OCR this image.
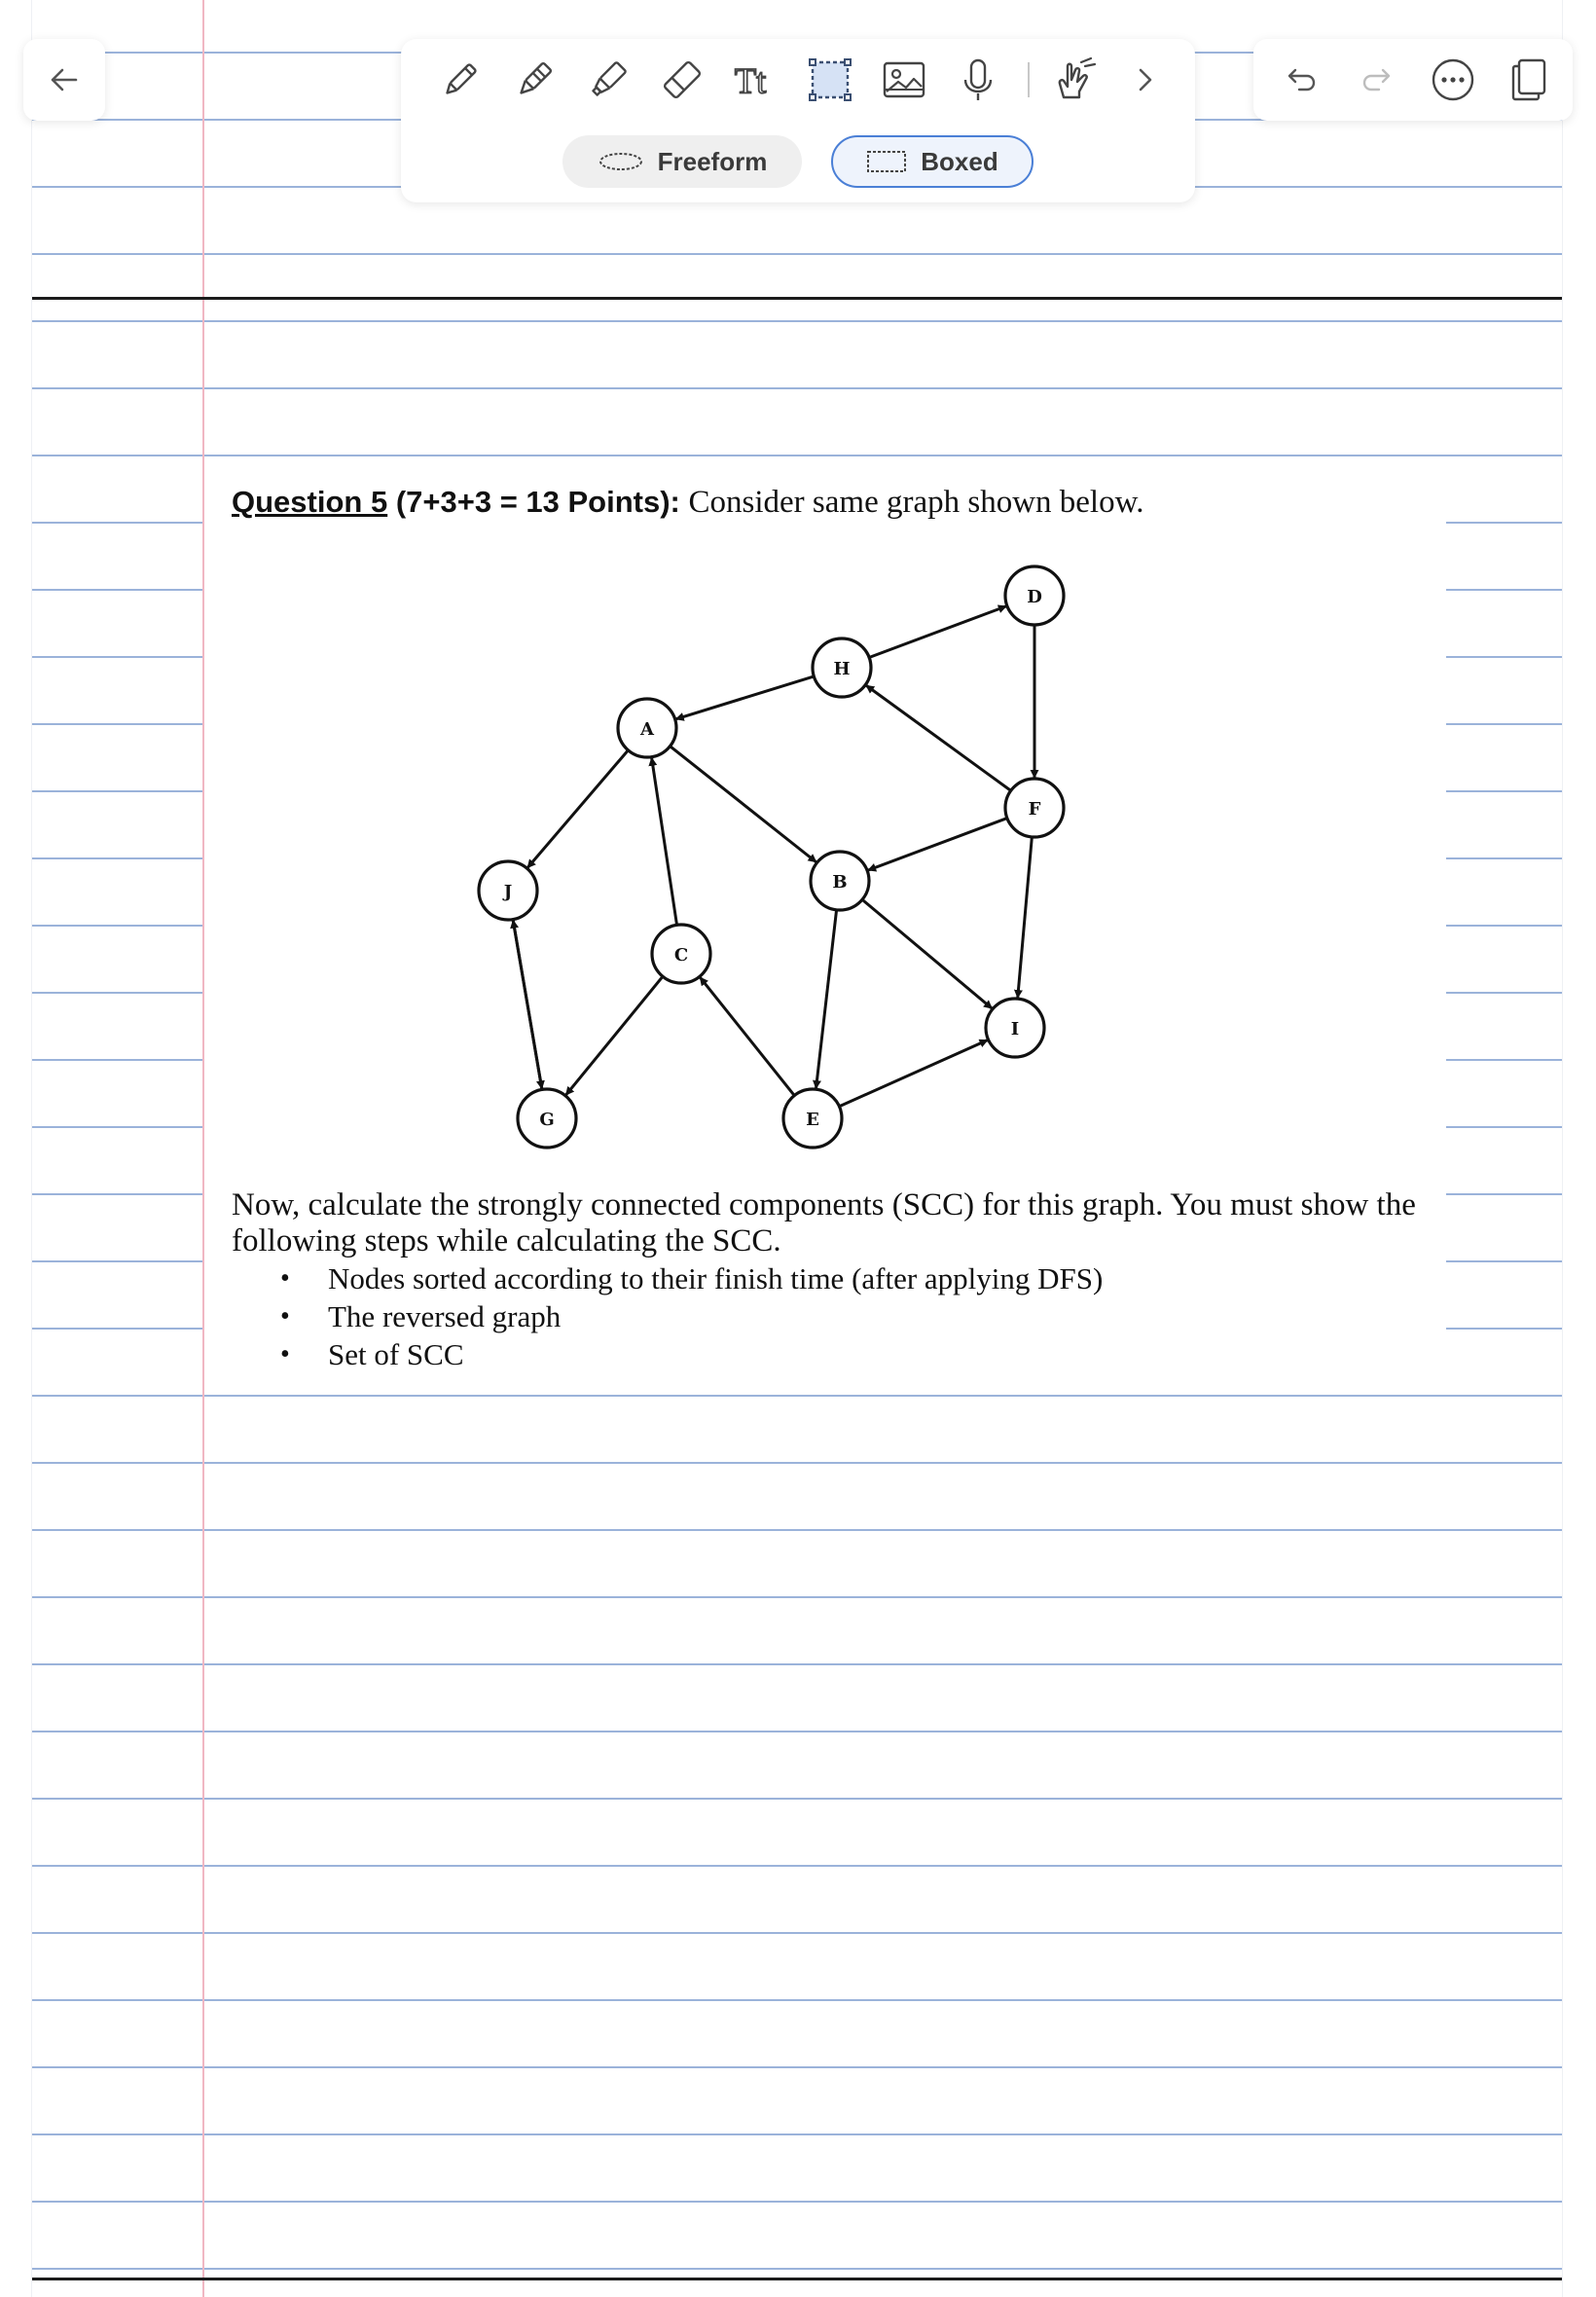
Tt
Freeform	Boxed
Question 5 (7+3+3 = 13 Points): Consider same graph shown below.
A
B
C
D
E
F
G
H
I
J
Now, calculate the strongly connected components (SCC) for this graph. You must show the following steps while calculating the SCC.
• Nodes sorted according to their finish time (after applying DFS)
• The reversed graph
• Set of SCC
